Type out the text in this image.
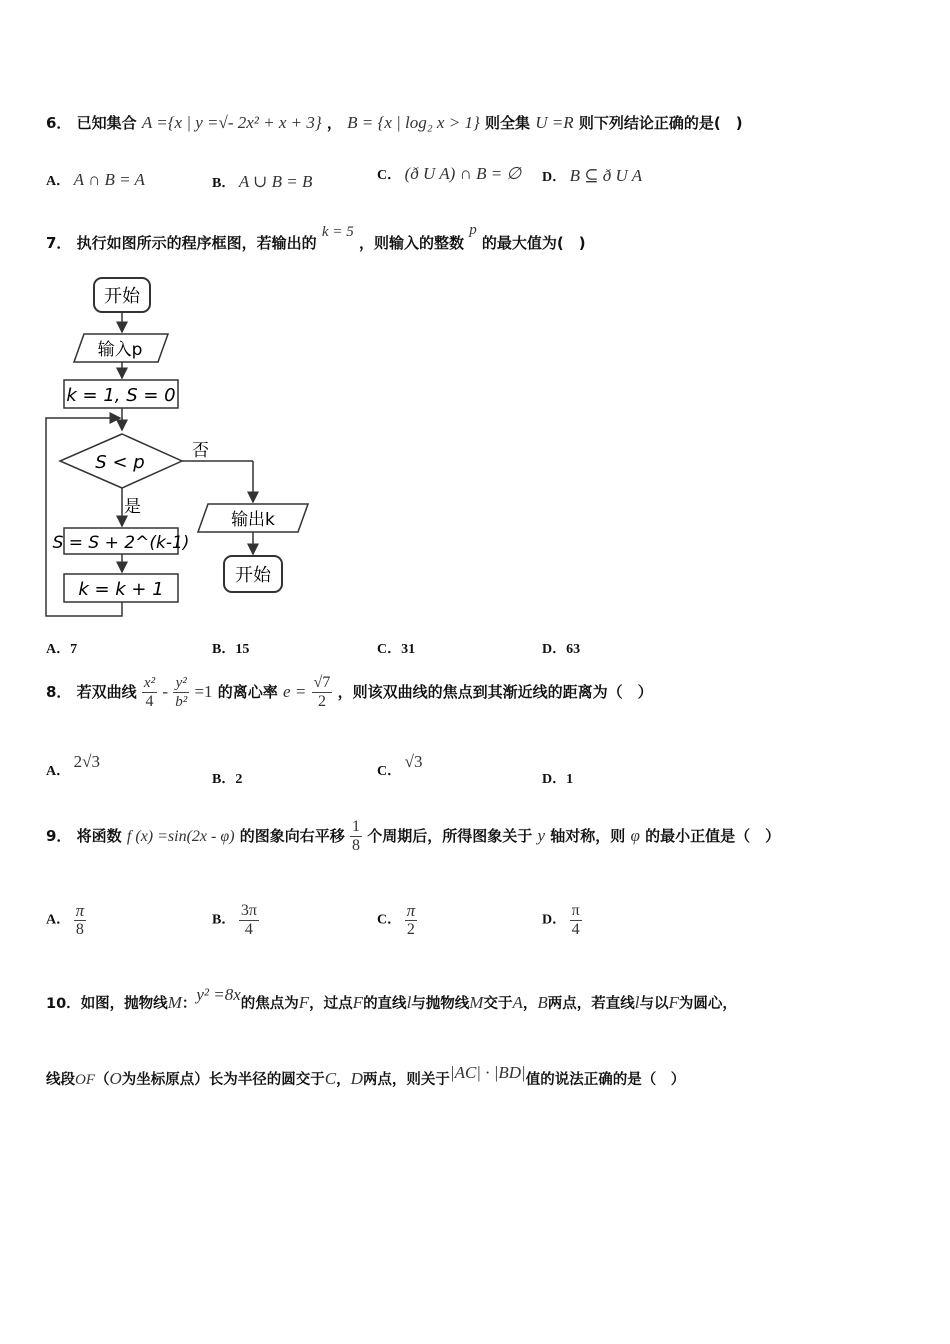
6． 已知集合 A ={x | y =√- 2x² + x + 3} ， B = {x | log₂ x > 1} 则全集 U =R 则下列结论正确的是(　)
A． A ∩ B = A	B． A ∪ B = B	C． (ð U A) ∩ B = ∅ D． B ⊆ ð U A
7． 执行如图所示的程序框图，若输出的 k = 5 ，则输入的整数 p 的最大值为(　)
开始
输入p
k = 1, S = 0
S < p
否
是
S = S + 2^(k-1)
k = k + 1
输出k
开始
A．7	B．15	C．31	D．63
8． 若双曲线 $\frac{\text{x²}}{4} - \frac{\text{y²}}{\text{b²}} =1$ 的离心率 $e = \frac{√7}{2}$ ，则该双曲线的焦点到其渐近线的距离为（　）
A． 2√3
B．2
C． √3
D．1
9． 将函数 f (x) =sin(2x - φ) 的图象向右平移 $\frac{1}{8}$ 个周期后，所得图象关于 y 轴对称，则 φ 的最小正值是（　）
A． $\frac{\pi}{8}$	B． $\frac{3\pi}{4}$	C． $\frac{\pi}{2}$	D． $\frac{\pi}{4}$
10．如图，抛物线M：y² =8x的焦点为F，过点F的直线l与抛物线M交于A，B两点，若直线l与以F为圆心，
线段OF（O为坐标原点）长为半径的圆交于C，D两点，则关于|AC| · |BD|值的说法正确的是（　）
